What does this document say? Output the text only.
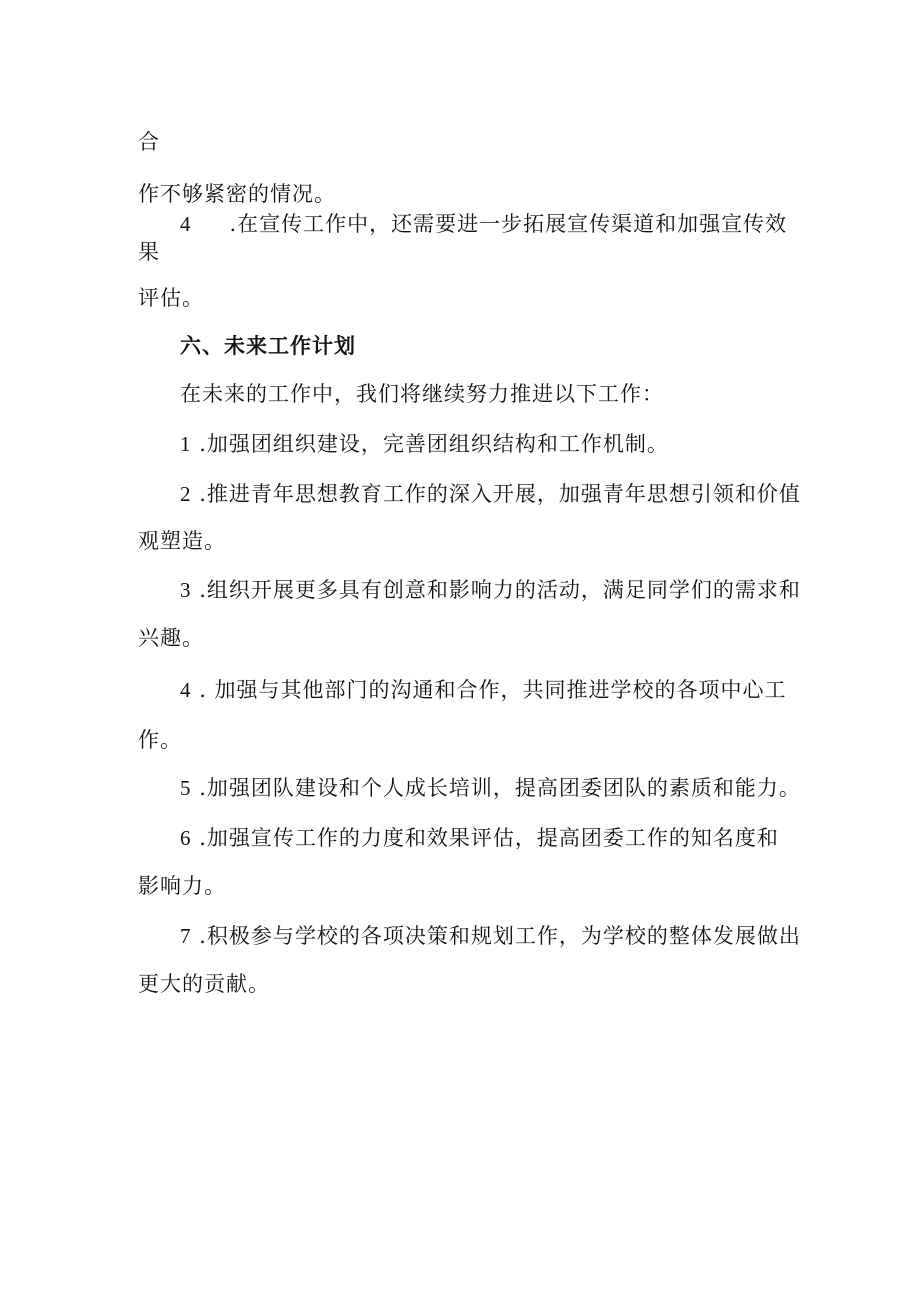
合
作不够紧密的情况。
4 .在宣传工作中，还需要进一步拓展宣传渠道和加强宣传效
果
评估。
六、未来工作计划
在未来的工作中，我们将继续努力推进以下工作：
1 .加强团组织建设，完善团组织结构和工作机制。
2 .推进青年思想教育工作的深入开展，加强青年思想引领和价值
观塑造。
3 .组织开展更多具有创意和影响力的活动，满足同学们的需求和
兴趣。
4 . 加强与其他部门的沟通和合作，共同推进学校的各项中心工
作。
5 .加强团队建设和个人成长培训，提高团委团队的素质和能力。
6 .加强宣传工作的力度和效果评估，提高团委工作的知名度和
影响力。
7 .积极参与学校的各项决策和规划工作，为学校的整体发展做出
更大的贡献。
